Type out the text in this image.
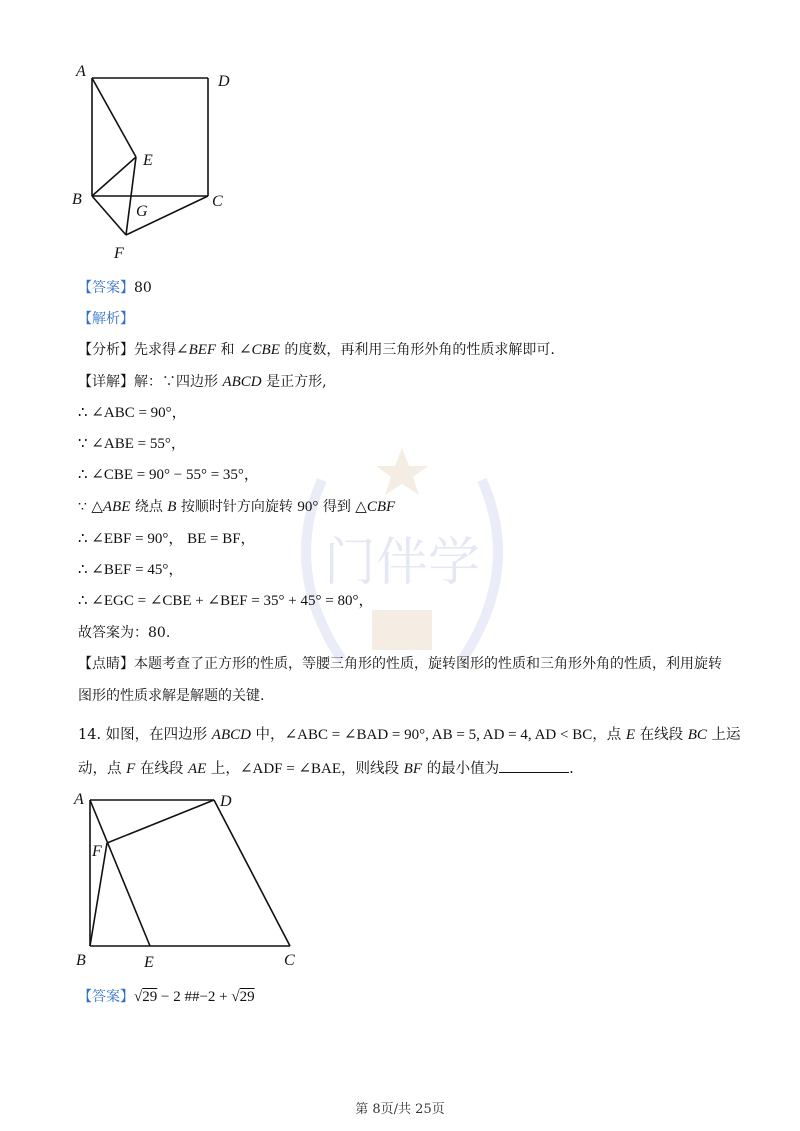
门伴学
A
D
E
B
G
C
F
【答案】80
【解析】
【分析】先求得∠BEF 和 ∠CBE 的度数，再利用三角形外角的性质求解即可.
【详解】解：∵四边形 ABCD 是正方形,
∴ ∠ABC = 90°，
∵ ∠ABE = 55°，
∴ ∠CBE = 90° − 55° = 35°，
∵ △ABE 绕点 B 按顺时针方向旋转 90° 得到 △CBF
∴ ∠EBF = 90°， BE = BF，
∴ ∠BEF = 45°，
∴ ∠EGC = ∠CBE + ∠BEF = 35° + 45° = 80°，
故答案为：80.
【点睛】本题考查了正方形的性质，等腰三角形的性质，旋转图形的性质和三角形外角的性质，利用旋转
图形的性质求解是解题的关键.
14. 如图，在四边形 ABCD 中，∠ABC = ∠BAD = 90°, AB = 5, AD = 4, AD < BC，点 E 在线段 BC 上运
动，点 F 在线段 AE 上，∠ADF = ∠BAE，则线段 BF 的最小值为	.
A	D
F
B	E	C
【答案】√29 − 2 ##−2 + √29
第 8页/共 25页
